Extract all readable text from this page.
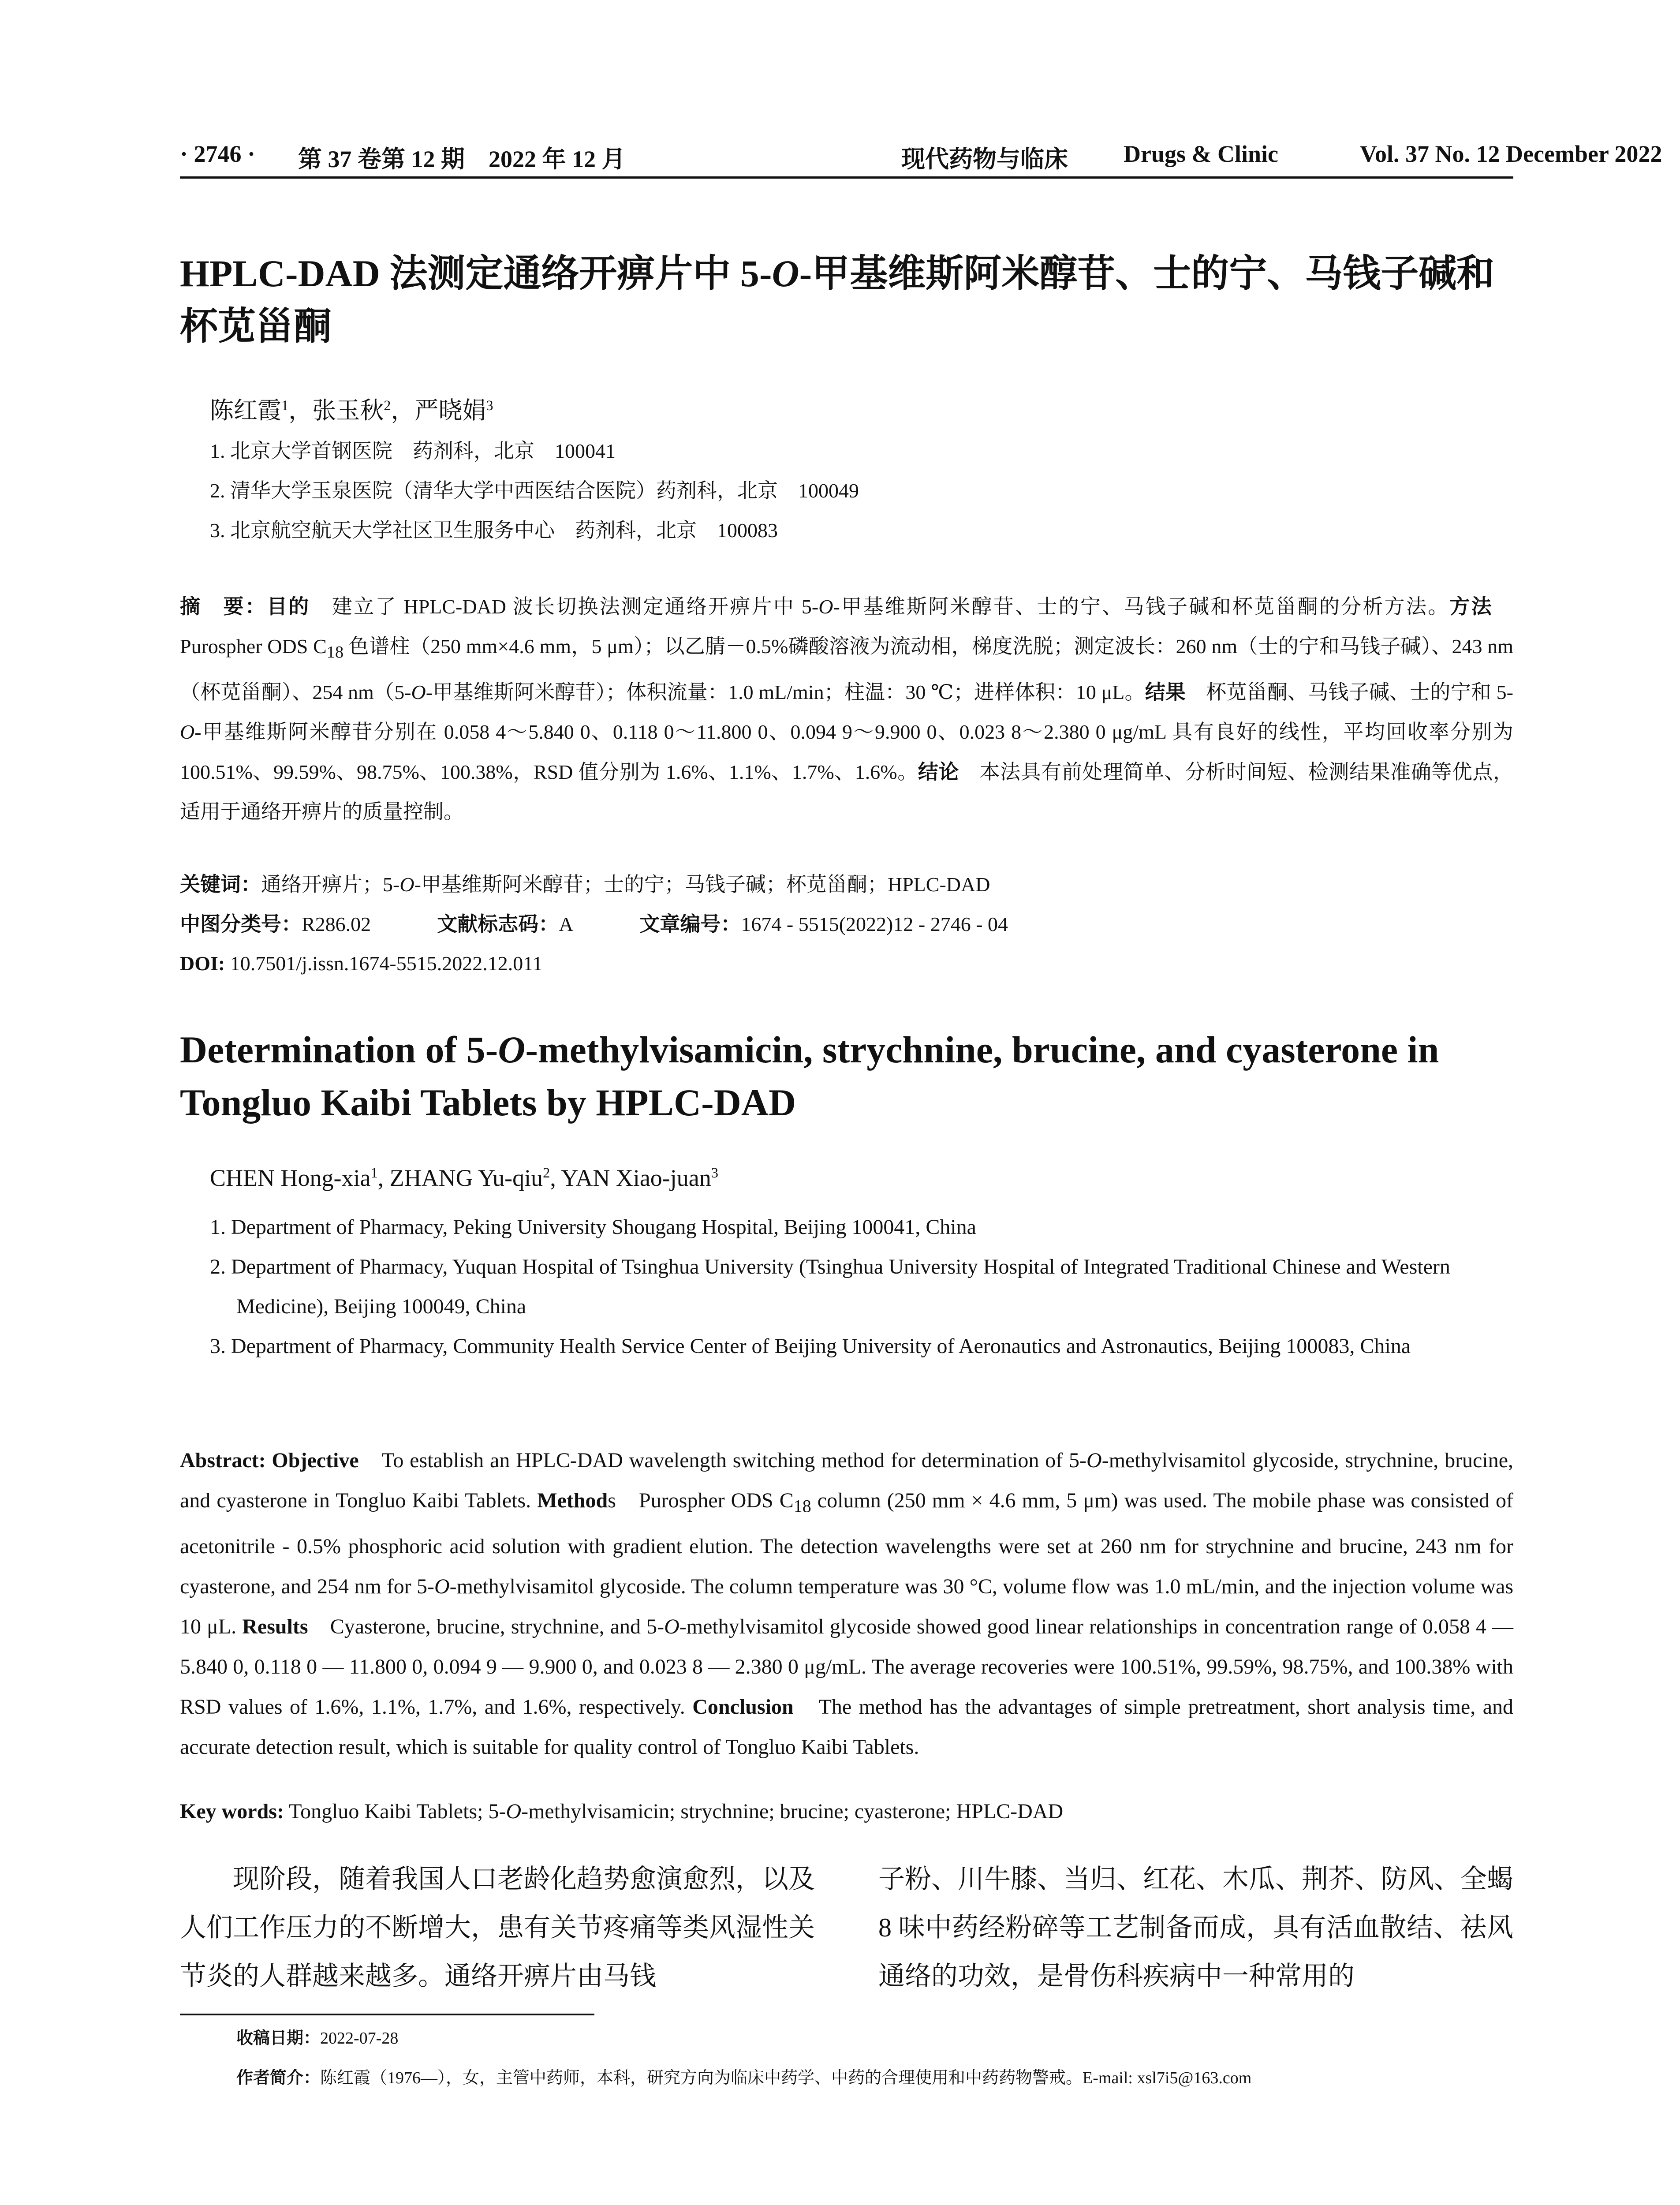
· 2746 · 第 37 卷第 12 期　2022 年 12 月	现代药物与临床 Drugs & Clinic	Vol. 37 No. 12 December 2022
HPLC-DAD 法测定通络开痹片中 5-O-甲基维斯阿米醇苷、士的宁、马钱子碱和杯苋甾酮

陈红霞$^1$，张玉秋$^2$，严晓娟$^3$

1. 北京大学首钢医院　药剂科，北京　100041
2. 清华大学玉泉医院（清华大学中西医结合医院）药剂科，北京　100049
3. 北京航空航天大学社区卫生服务中心　药剂科，北京　100083

摘　要：目的　建立了 HPLC-DAD 波长切换法测定通络开痹片中 5-O-甲基维斯阿米醇苷、士的宁、马钱子碱和杯苋甾酮的分析方法。方法　Purospher ODS $C_{18}$ 色谱柱（250 mm×4.6 mm，5 μm）；以乙腈－0.5%磷酸溶液为流动相，梯度洗脱；测定波长：260 nm（士的宁和马钱子碱）、243 nm（杯苋甾酮）、254 nm（5-O-甲基维斯阿米醇苷）；体积流量：1.0 mL/min；柱温：30 ℃；进样体积：10 μL。结果　杯苋甾酮、马钱子碱、士的宁和 5-O-甲基维斯阿米醇苷分别在 0.058 4～5.840 0、0.118 0～11.800 0、0.094 9～9.900 0、0.023 8～2.380 0 μg/mL 具有良好的线性，平均回收率分别为 100.51%、99.59%、98.75%、100.38%，RSD 值分别为 1.6%、1.1%、1.7%、1.6%。结论　本法具有前处理简单、分析时间短、检测结果准确等优点，适用于通络开痹片的质量控制。

关键词：通络开痹片；5-O-甲基维斯阿米醇苷；士的宁；马钱子碱；杯苋甾酮；HPLC-DAD

中图分类号：R286.02	文献标志码：A	文章编号：1674 - 5515(2022)12 - 2746 - 04

DOI: 10.7501/j.issn.1674-5515.2022.12.011

Determination of 5-O-methylvisamicin, strychnine, brucine, and cyasterone in Tongluo Kaibi Tablets by HPLC-DAD

CHEN Hong-xia$^1$, ZHANG Yu-qiu$^2$, YAN Xiao-juan$^3$

1. Department of Pharmacy, Peking University Shougang Hospital, Beijing 100041, China
2. Department of Pharmacy, Yuquan Hospital of Tsinghua University (Tsinghua University Hospital of Integrated Traditional Chinese and Western Medicine), Beijing 100049, China
3. Department of Pharmacy, Community Health Service Center of Beijing University of Aeronautics and Astronautics, Beijing 100083, China

Abstract: Objective　To establish an HPLC-DAD wavelength switching method for determination of 5-O-methylvisamitol glycoside, strychnine, brucine, and cyasterone in Tongluo Kaibi Tablets. Methods　Purospher ODS $C_{18}$ column (250 mm × 4.6 mm, 5 μm) was used. The mobile phase was consisted of acetonitrile - 0.5% phosphoric acid solution with gradient elution. The detection wavelengths were set at 260 nm for strychnine and brucine, 243 nm for cyasterone, and 254 nm for 5-O-methylvisamitol glycoside. The column temperature was 30 °C, volume flow was 1.0 mL/min, and the injection volume was 10 μL. Results　Cyasterone, brucine, strychnine, and 5-O-methylvisamitol glycoside showed good linear relationships in concentration range of 0.058 4 — 5.840 0, 0.118 0 — 11.800 0, 0.094 9 — 9.900 0, and 0.023 8 — 2.380 0 μg/mL. The average recoveries were 100.51%, 99.59%, 98.75%, and 100.38% with RSD values of 1.6%, 1.1%, 1.7%, and 1.6%, respectively. Conclusion　The method has the advantages of simple pretreatment, short analysis time, and accurate detection result, which is suitable for quality control of Tongluo Kaibi Tablets.

Key words: Tongluo Kaibi Tablets; 5-O-methylvisamicin; strychnine; brucine; cyasterone; HPLC-DAD

现阶段，随着我国人口老龄化趋势愈演愈烈，以及人们工作压力的不断增大，患有关节疼痛等类风湿性关节炎的人群越来越多。通络开痹片由马钱

子粉、川牛膝、当归、红花、木瓜、荆芥、防风、全蝎 8 味中药经粉碎等工艺制备而成，具有活血散结、祛风通络的功效，是骨伤科疾病中一种常用的

收稿日期：2022-07-28

作者简介：陈红霞（1976—），女，主管中药师，本科，研究方向为临床中药学、中药的合理使用和中药药物警戒。E-mail: xsl7i5@163.com
